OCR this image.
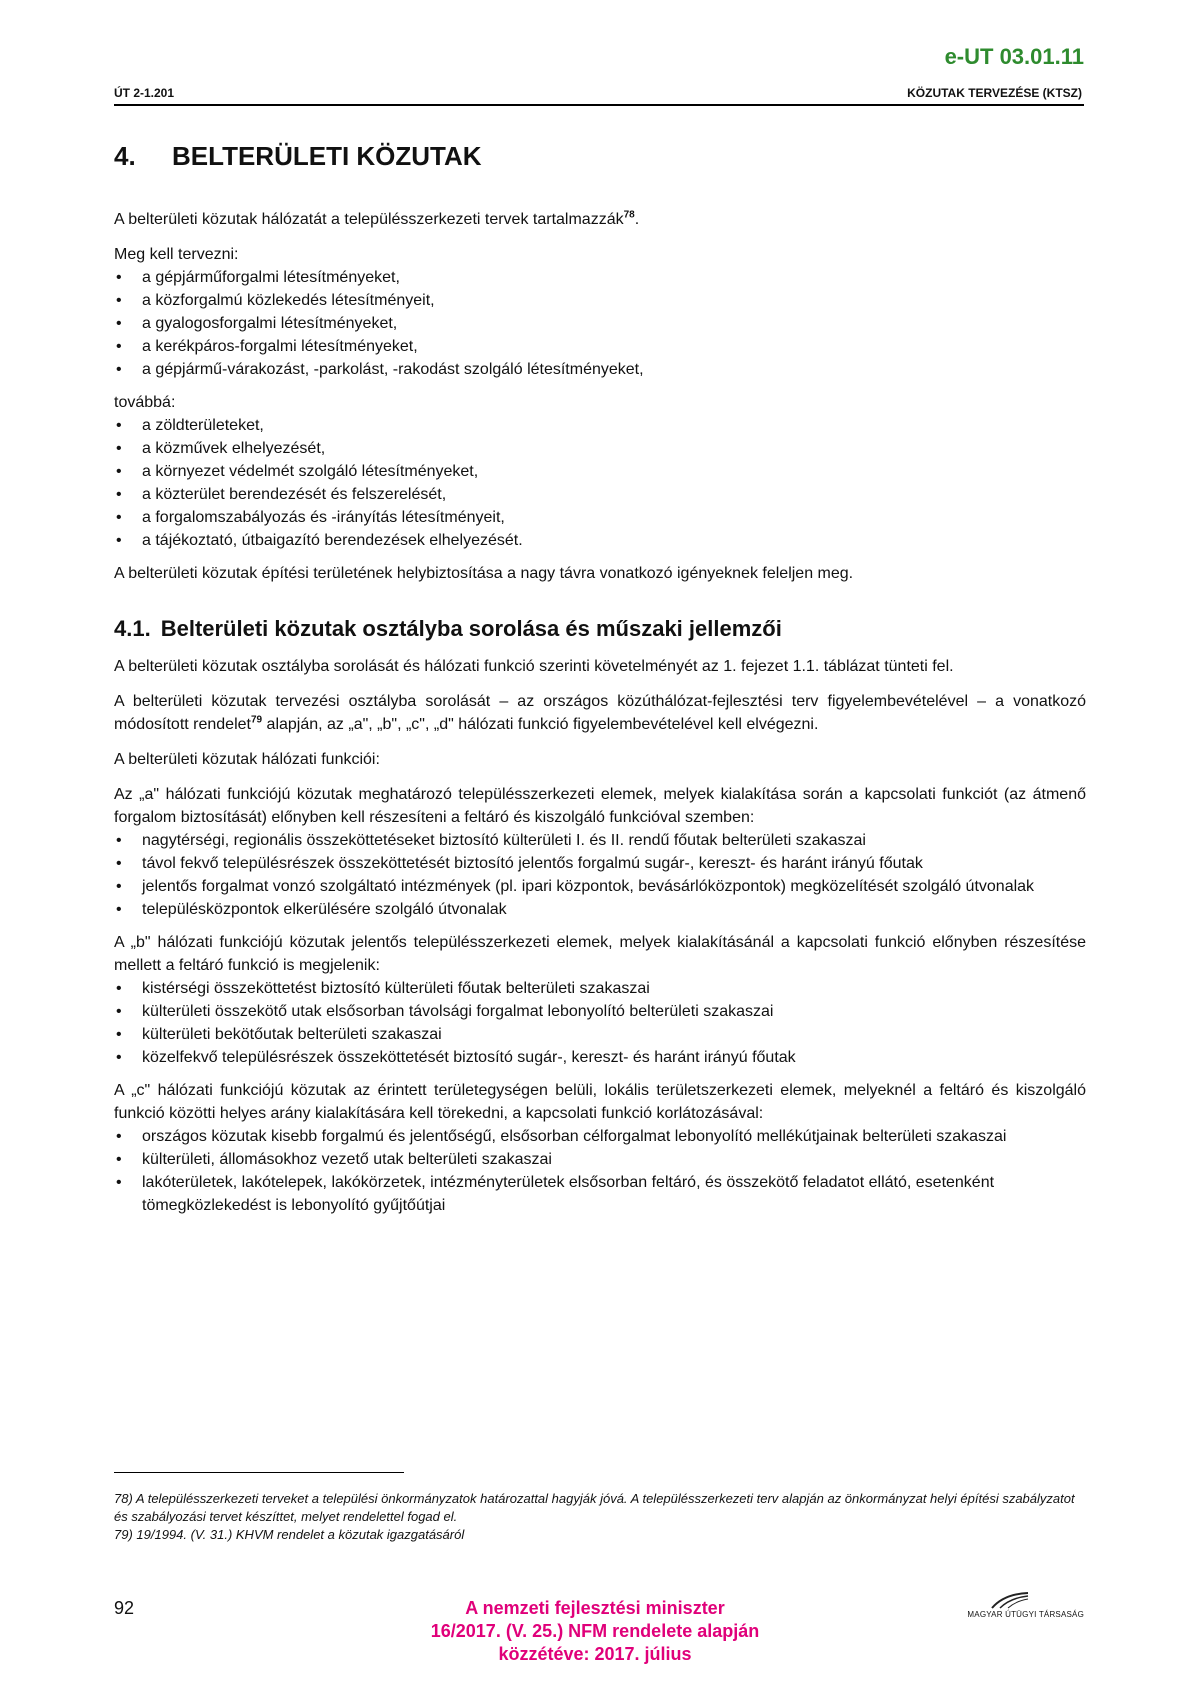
e-UT 03.01.11
ÚT 2-1.201	KÖZUTAK TERVEZÉSE (KTSZ)
4. BELTERÜLETI KÖZUTAK

A belterületi közutak hálózatát a településszerkezeti tervek tartalmazzák$^{78}$.

Meg kell tervezni:

• a gépjárműforgalmi létesítményeket,
• a közforgalmú közlekedés létesítményeit,
• a gyalogosforgalmi létesítményeket,
• a kerékpáros-forgalmi létesítményeket,
• a gépjármű-várakozást, -parkolást, -rakodást szolgáló létesítményeket,

továbbá:

• a zöldterületeket,
• a közművek elhelyezését,
• a környezet védelmét szolgáló létesítményeket,
• a közterület berendezését és felszerelését,
• a forgalomszabályozás és -irányítás létesítményeit,
• a tájékoztató, útbaigazító berendezések elhelyezését.

A belterületi közutak építési területének helybiztosítása a nagy távra vonatkozó igényeknek feleljen meg.

4.1. Belterületi közutak osztályba sorolása és műszaki jellemzői

A belterületi közutak osztályba sorolását és hálózati funkció szerinti követelményét az 1. fejezet 1.1. táblázat tünteti fel.

A belterületi közutak tervezési osztályba sorolását – az országos közúthálózat-fejlesztési terv figyelembevételével – a vonatkozó módosított rendelet$^{79}$ alapján, az „a", „b", „c", „d" hálózati funkció figyelembevételével kell elvégezni.

A belterületi közutak hálózati funkciói:

Az „a" hálózati funkciójú közutak meghatározó településszerkezeti elemek, melyek kialakítása során a kapcsolati funkciót (az átmenő forgalom biztosítását) előnyben kell részesíteni a feltáró és kiszolgáló funkcióval szemben:

• nagytérségi, regionális összeköttetéseket biztosító külterületi I. és II. rendű főutak belterületi szakaszai
• távol fekvő településrészek összeköttetését biztosító jelentős forgalmú sugár-, kereszt- és haránt irányú főutak
• jelentős forgalmat vonzó szolgáltató intézmények (pl. ipari központok, bevásárlóközpontok) megközelítését szolgáló útvonalak
• településközpontok elkerülésére szolgáló útvonalak

A „b" hálózati funkciójú közutak jelentős településszerkezeti elemek, melyek kialakításánál a kapcsolati funkció előnyben részesítése mellett a feltáró funkció is megjelenik:

• kistérségi összeköttetést biztosító külterületi főutak belterületi szakaszai
• külterületi összekötő utak elsősorban távolsági forgalmat lebonyolító belterületi szakaszai
• külterületi bekötőutak belterületi szakaszai
• közelfekvő településrészek összeköttetését biztosító sugár-, kereszt- és haránt irányú főutak

A „c" hálózati funkciójú közutak az érintett területegységen belüli, lokális területszerkezeti elemek, melyeknél a feltáró és kiszolgáló funkció közötti helyes arány kialakítására kell törekedni, a kapcsolati funkció korlátozásával:

• országos közutak kisebb forgalmú és jelentőségű, elsősorban célforgalmat lebonyolító mellékútjainak belterületi szakaszai
• külterületi, állomásokhoz vezető utak belterületi szakaszai
• lakóterületek, lakótelepek, lakókörzetek, intézményterületek elsősorban feltáró, és összekötő feladatot ellátó, esetenként tömegközlekedést is lebonyolító gyűjtőútjai
78) A településszerkezeti terveket a települési önkormányzatok határozattal hagyják jóvá. A településszerkezeti terv alapján az önkormányzat helyi építési szabályzatot és szabályozási tervet készíttet, melyet rendelettel fogad el.
79) 19/1994. (V. 31.) KHVM rendelet a közutak igazgatásáról
92	A nemzeti fejlesztési miniszter
16/2017. (V. 25.) NFM rendelete alapján
közzétéve: 2017. július
MAGYAR ÚTÜGYI TÁRSASÁG
